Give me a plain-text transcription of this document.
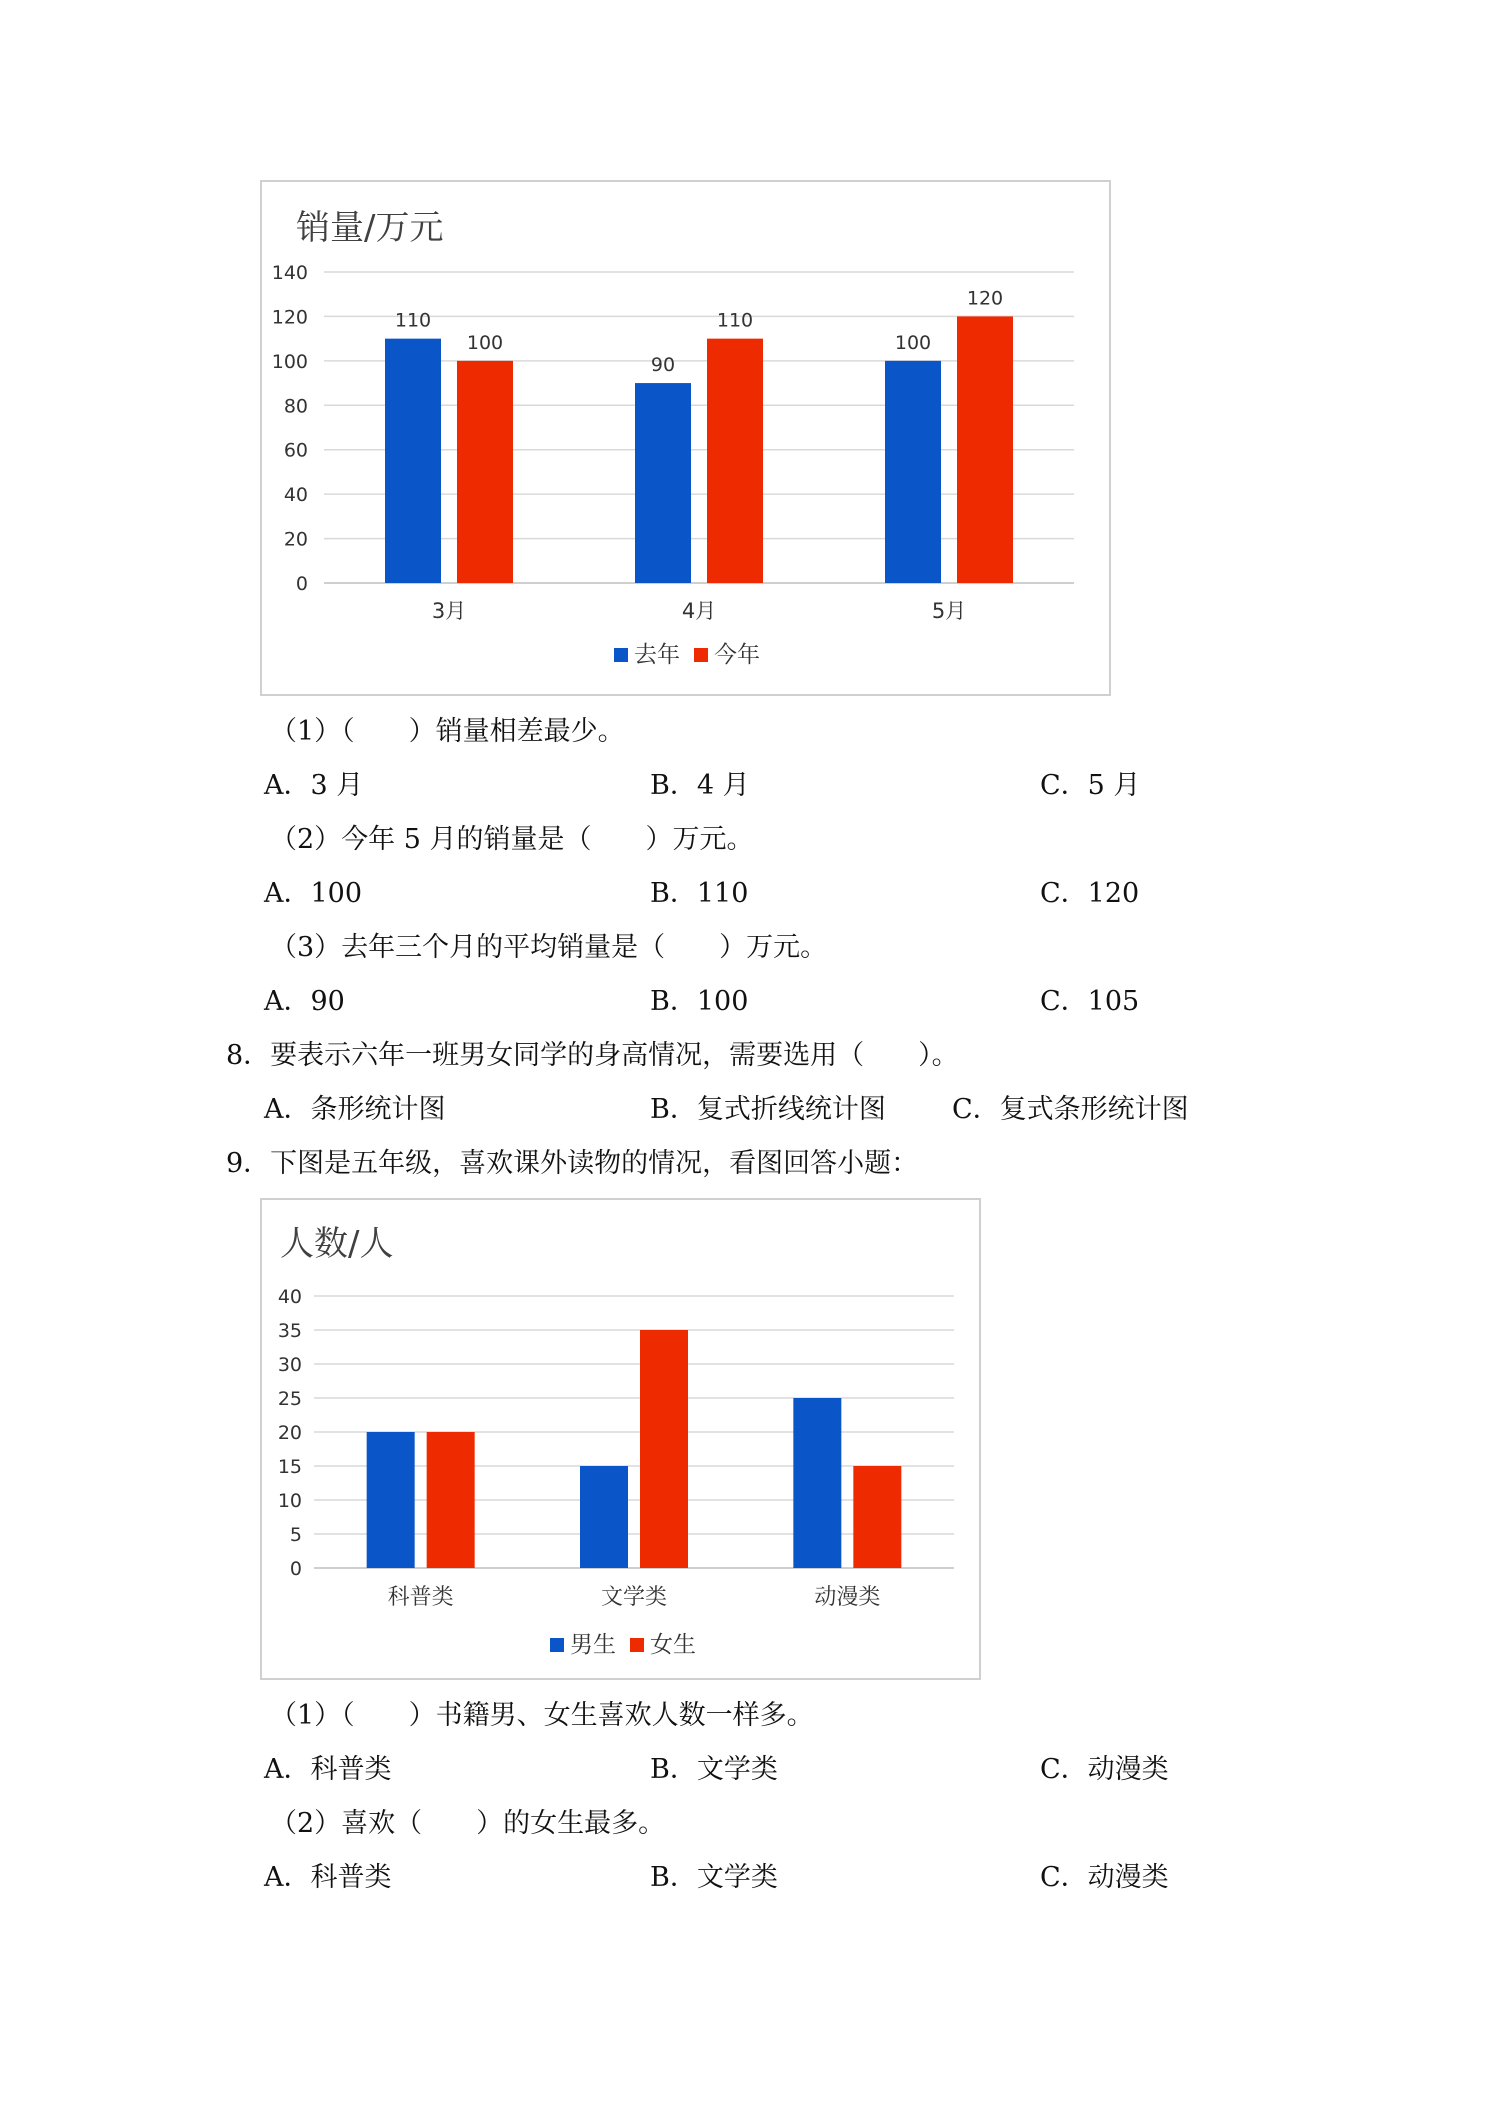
销量/万元
0
20
40
60
80
100
120
140
110
100
3月
90
110
4月
100
120
5月
去年 今年
（1）（　　）销量相差最少。
A．3 月	B．4 月	C．5 月
（2）今年 5 月的销量是（　　）万元。
A．100	B．110	C．120
（3）去年三个月的平均销量是（　　）万元。
A．90	B．100	C．105
8．要表示六年一班男女同学的身高情况，需要选用（　　）。
A．条形统计图	B．复式折线统计图 C．复式条形统计图
9．下图是五年级，喜欢课外读物的情况，看图回答小题：
人数/人
0
5
10
15
20
25
30
35
40
科普类	文学类	动漫类
男生 女生
（1）（　　）书籍男、女生喜欢人数一样多。
A．科普类	B．文学类	C．动漫类
（2）喜欢（　　）的女生最多。
A．科普类	B．文学类	C．动漫类
